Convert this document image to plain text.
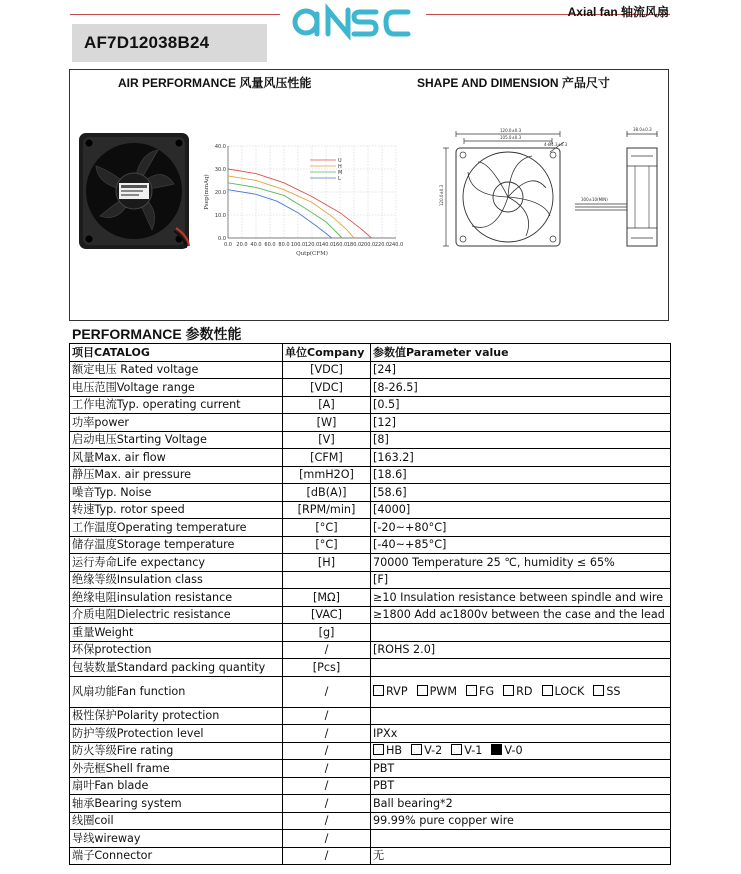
AF7D12038B24
Axial fan 轴流风扇
AIR PERFORMANCE 风量风压性能	SHAPE AND DIMENSION 产品尺寸
0.0 20.0 40.0 60.0 80.0 100.0 120.0 140.0 160.0 180.0 200.0 220.0 240.0
0.0
10.0
20.0
30.0
40.0
Qutp(CFM)
Psep(mmAq)
U
H
M
L
120.0±0.3
105.0±0.3
4-Ø4.3±0.3
120.0±0.3
38.0±0.3
300±10(MIN)
PERFORMANCE 参数性能
项目CATALOG	单位Company	参数值Parameter value
额定电压 Rated voltage	[VDC]	[24]
电压范围Voltage range	[VDC]	[8-26.5]
工作电流Typ. operating current	[A]	[0.5]
功率power	[W]	[12]
启动电压Starting Voltage	[V]	[8]
风量Max. air flow	[CFM]	[163.2]
静压Max. air pressure	[mmH2O]	[18.6]
噪音Typ. Noise	[dB(A)]	[58.6]
转速Typ. rotor speed	[RPM/min]	[4000]
工作温度Operating temperature	[°C]	[-20~+80°C]
储存温度Storage temperature	[°C]	[-40~+85°C]
运行寿命Life expectancy	[H]	70000 Temperature 25 ℃, humidity ≤ 65%
绝缘等级Insulation class		[F]
绝缘电阻insulation resistance	[MΩ]	≥10 Insulation resistance between spindle and wire
介质电阻Dielectric resistance	[VAC]	≥1800 Add ac1800v between the case and the lead
重量Weight	[g]	
环保protection	/	[ROHS 2.0]
包装数量Standard packing quantity	[Pcs]	
风扇功能Fan function	/	RVP PWM FG RD LOCK SS
极性保护Polarity protection	/	
防护等级Protection level	/	IPXx
防火等级Fire rating	/	HB V-2 V-1 V-0
外壳框Shell frame	/	PBT
扇叶Fan blade	/	PBT
轴承Bearing system	/	Ball bearing*2
线圈coil	/	99.99% pure copper wire
导线wireway	/	
端子Connector	/	无
